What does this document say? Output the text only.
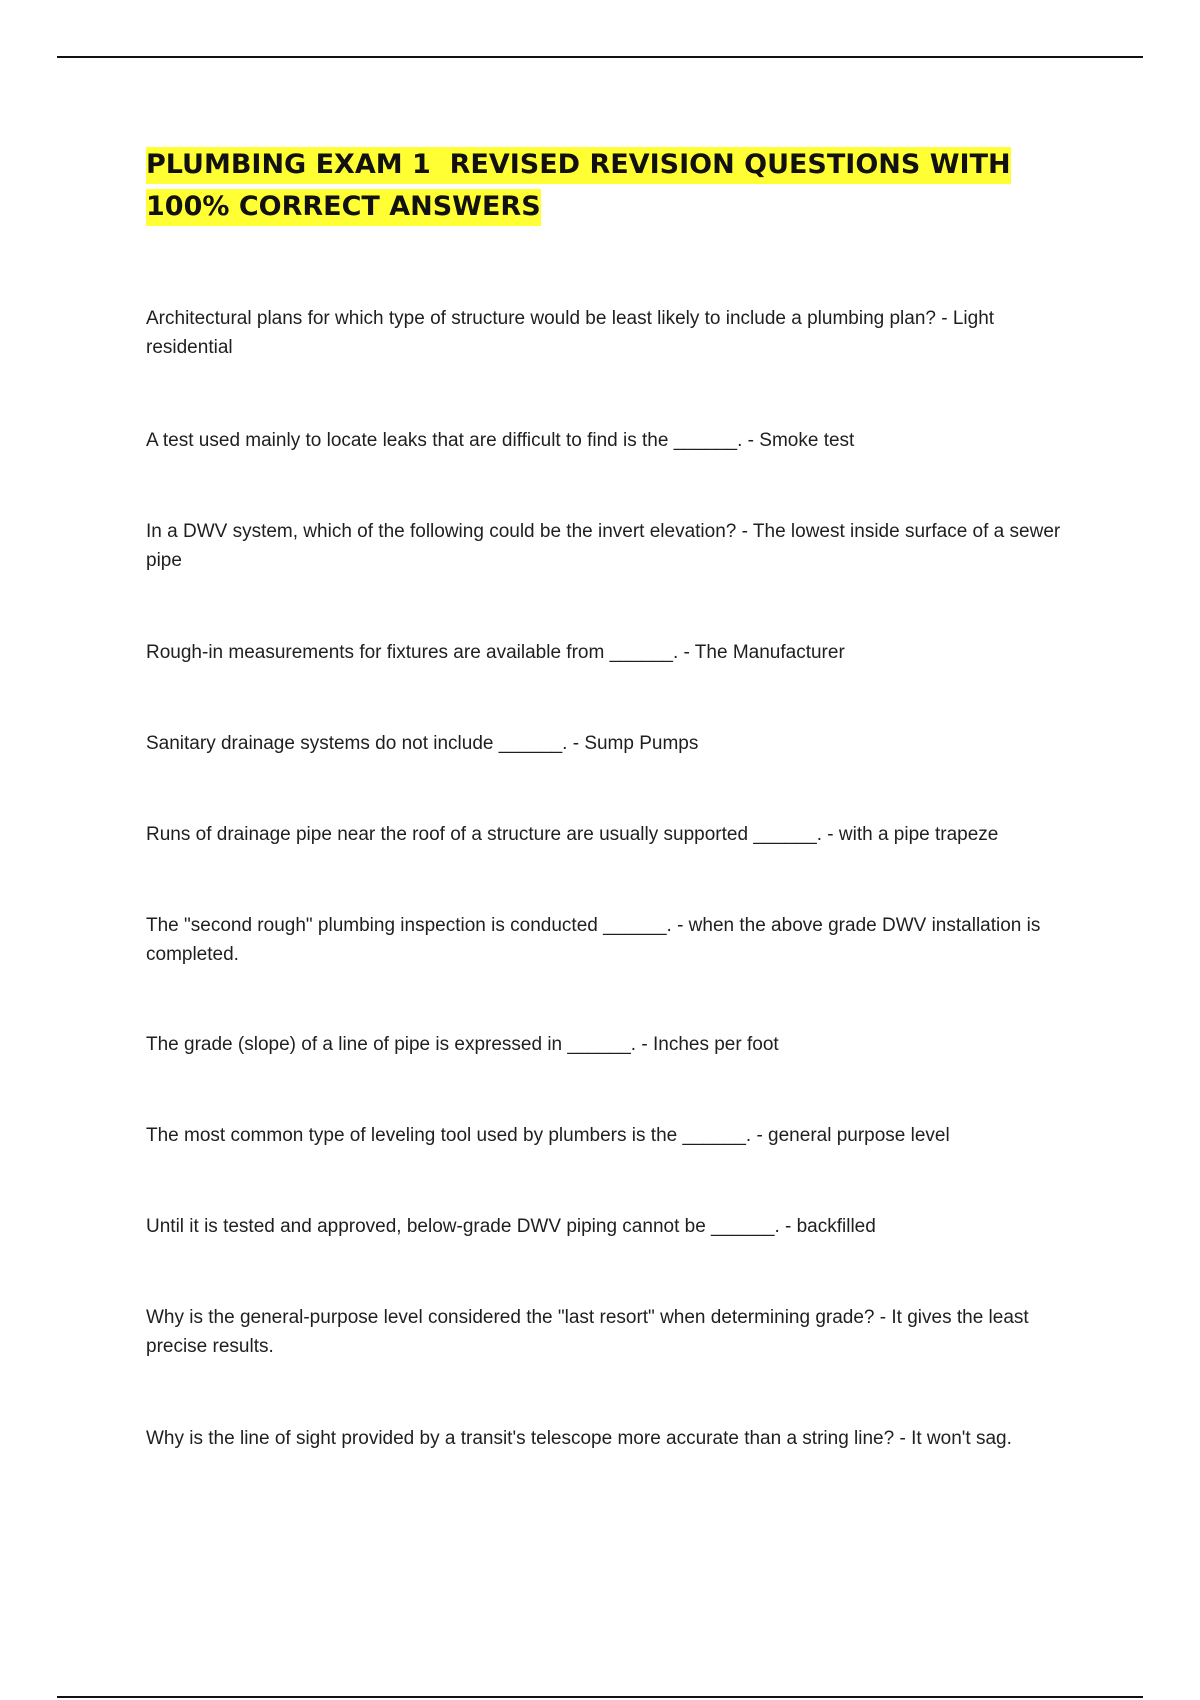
PLUMBING EXAM 1  REVISED REVISION QUESTIONS WITH
100% CORRECT ANSWERS

Architectural plans for which type of structure would be least likely to include a plumbing plan? - Light residential

A test used mainly to locate leaks that are difficult to find is the ______. - Smoke test

In a DWV system, which of the following could be the invert elevation? - The lowest inside surface of a sewer pipe

Rough-in measurements for fixtures are available from ______. - The Manufacturer

Sanitary drainage systems do not include ______. - Sump Pumps

Runs of drainage pipe near the roof of a structure are usually supported ______. - with a pipe trapeze

The "second rough" plumbing inspection is conducted ______. - when the above grade DWV installation is completed.

The grade (slope) of a line of pipe is expressed in ______. - Inches per foot

The most common type of leveling tool used by plumbers is the ______. - general purpose level

Until it is tested and approved, below-grade DWV piping cannot be ______. - backfilled

Why is the general-purpose level considered the "last resort" when determining grade? - It gives the least precise results.

Why is the line of sight provided by a transit's telescope more accurate than a string line? - It won't sag.
